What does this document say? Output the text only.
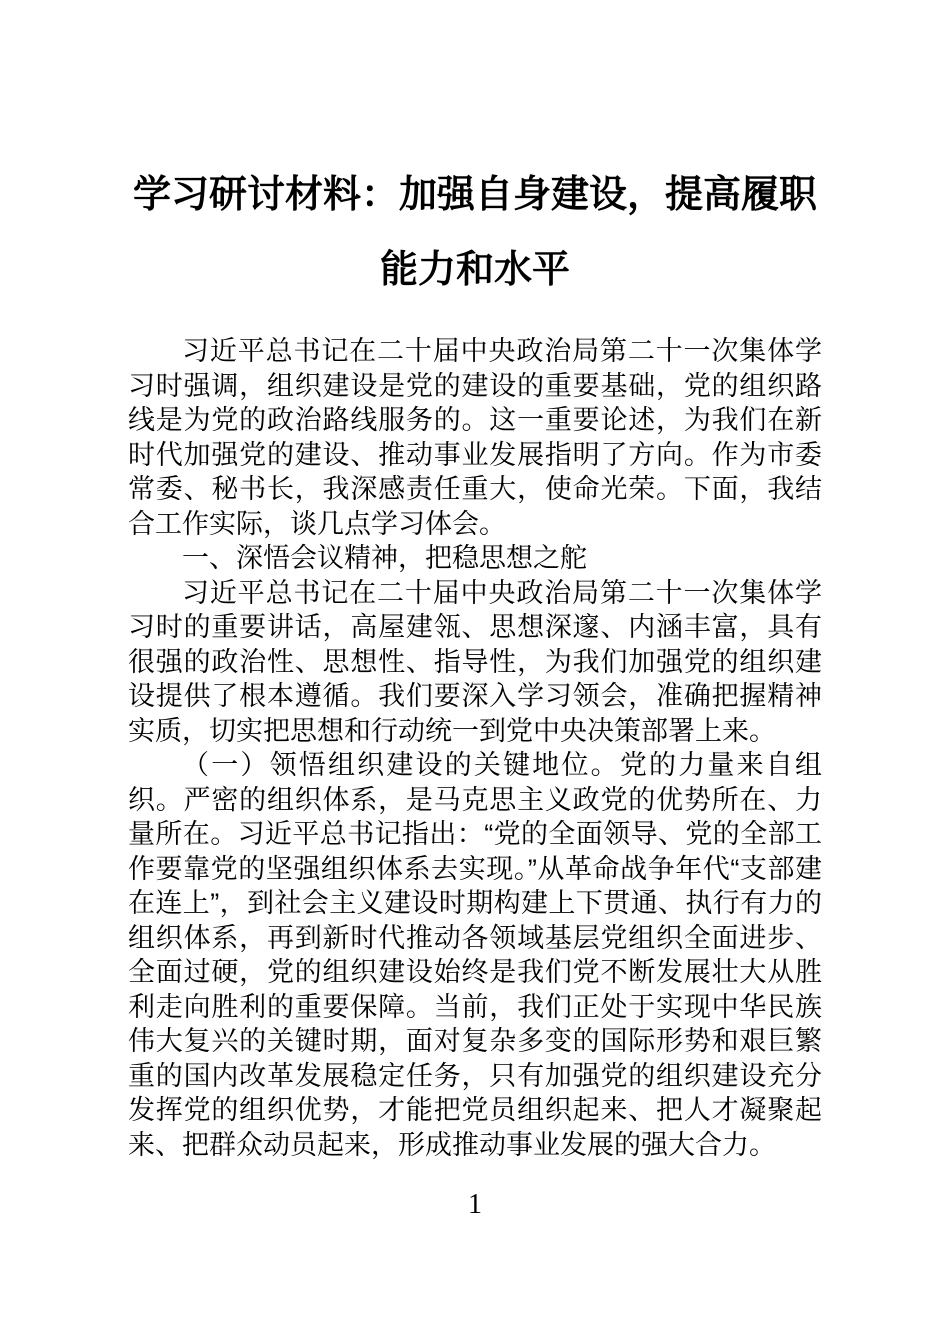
学习研讨材料：加强自身建设，提高履职能力和水平

习近平总书记在二十届中央政治局第二十一次集体学习时强调，组织建设是党的建设的重要基础，党的组织路线是为党的政治路线服务的。这一重要论述，为我们在新时代加强党的建设、推动事业发展指明了方向。作为市委常委、秘书长，我深感责任重大，使命光荣。下面，我结合工作实际，谈几点学习体会。

一、深悟会议精神，把稳思想之舵

习近平总书记在二十届中央政治局第二十一次集体学习时的重要讲话，高屋建瓴、思想深邃、内涵丰富，具有很强的政治性、思想性、指导性，为我们加强党的组织建设提供了根本遵循。我们要深入学习领会，准确把握精神实质，切实把思想和行动统一到党中央决策部署上来。

（一）领悟组织建设的关键地位。党的力量来自组织。严密的组织体系，是马克思主义政党的优势所在、力量所在。习近平总书记指出：“党的全面领导、党的全部工作要靠党的坚强组织体系去实现。”从革命战争年代“支部建在连上”，到社会主义建设时期构建上下贯通、执行有力的组织体系，再到新时代推动各领域基层党组织全面进步、全面过硬，党的组织建设始终是我们党不断发展壮大从胜利走向胜利的重要保障。当前，我们正处于实现中华民族伟大复兴的关键时期，面对复杂多变的国际形势和艰巨繁重的国内改革发展稳定任务，只有加强党的组织建设充分发挥党的组织优势，才能把党员组织起来、把人才凝聚起来、把群众动员起来，形成推动事业发展的强大合力。

1
